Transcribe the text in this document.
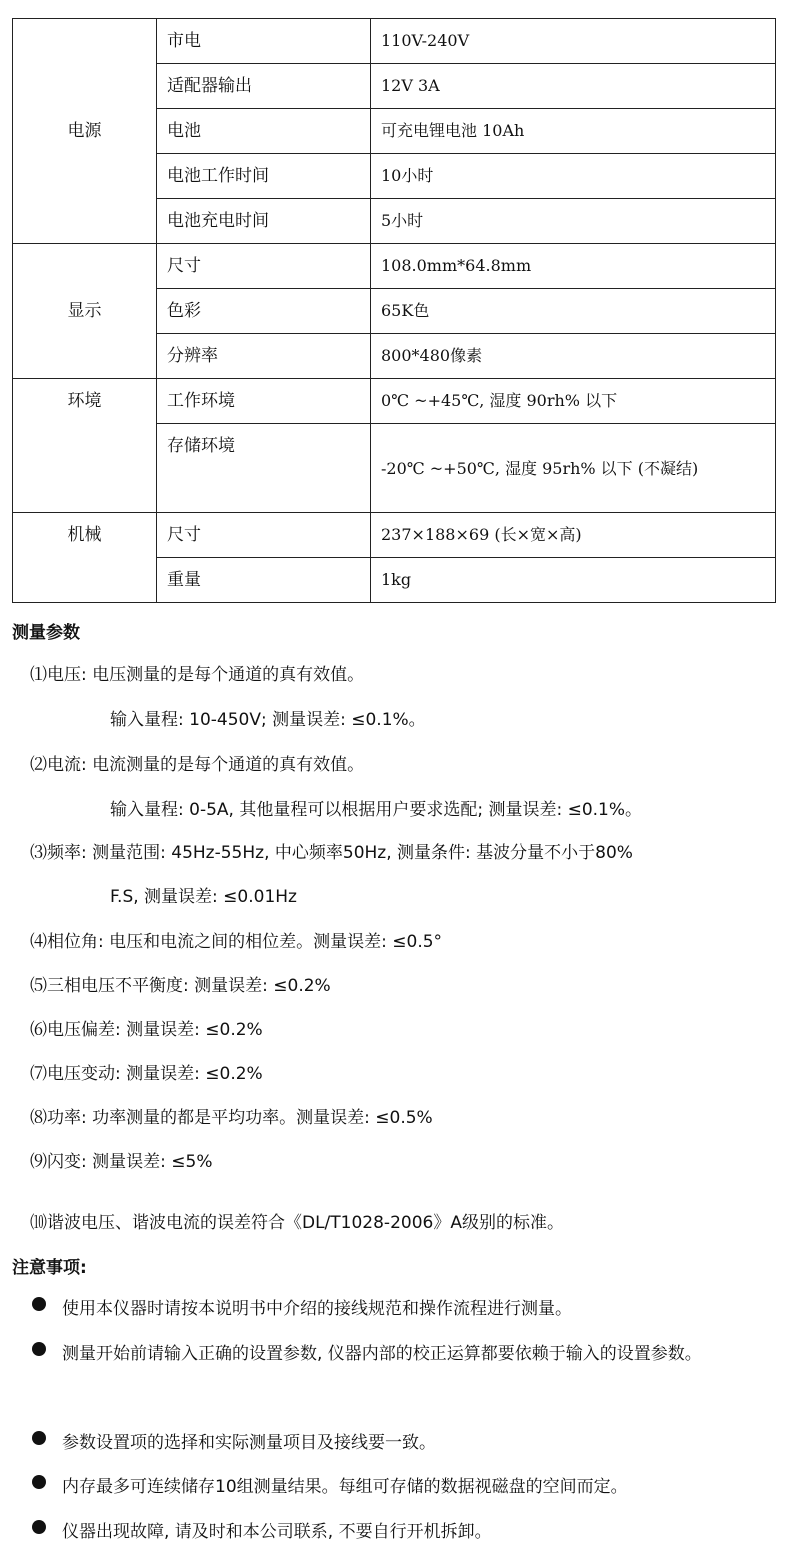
电源	市电	110V-240V
	适配器输出	12V 3A
	电池	可充电锂电池 10Ah
	电池工作时间	10小时
	电池充电时间	5小时
显示	尺寸	108.0mm*64.8mm
	色彩	65K色
	分辨率	800*480像素
环境	工作环境	0℃ ~+45℃, 湿度 90rh% 以下
	存储环境	-20℃ ~+50℃, 湿度 95rh% 以下 (不凝结)
机械	尺寸	237×188×69 (长×宽×高)
	重量	1kg
测量参数
⑴电压: 电压测量的是每个通道的真有效值。
输入量程: 10-450V; 测量误差: ≤0.1%。
⑵电流: 电流测量的是每个通道的真有效值。
输入量程: 0-5A, 其他量程可以根据用户要求选配; 测量误差: ≤0.1%。
⑶频率: 测量范围: 45Hz-55Hz, 中心频率50Hz, 测量条件: 基波分量不小于80%
F.S, 测量误差: ≤0.01Hz
⑷相位角: 电压和电流之间的相位差。测量误差: ≤0.5°
⑸三相电压不平衡度: 测量误差: ≤0.2%
⑹电压偏差: 测量误差: ≤0.2%
⑺电压变动: 测量误差: ≤0.2%
⑻功率: 功率测量的都是平均功率。测量误差: ≤0.5%
⑼闪变: 测量误差: ≤5%
⑽谐波电压、谐波电流的误差符合《DL/T1028-2006》A级别的标准。
注意事项:
使用本仪器时请按本说明书中介绍的接线规范和操作流程进行测量。
测量开始前请输入正确的设置参数, 仪器内部的校正运算都要依赖于输入的设置参数。
参数设置项的选择和实际测量项目及接线要一致。
内存最多可连续储存10组测量结果。每组可存储的数据视磁盘的空间而定。
仪器出现故障, 请及时和本公司联系, 不要自行开机拆卸。
